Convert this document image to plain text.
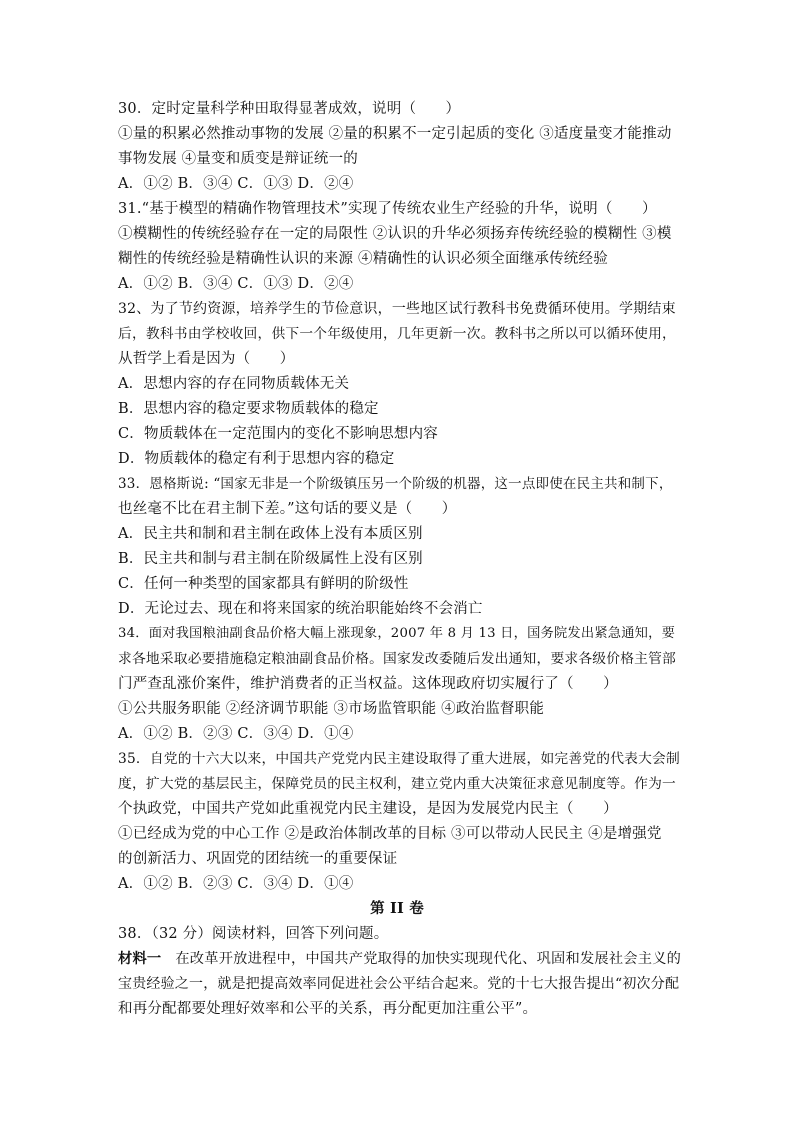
30．定时定量科学种田取得显著成效，说明（　　）
①量的积累必然推动事物的发展 ②量的积累不一定引起质的变化 ③适度量变才能推动
事物发展 ④量变和质变是辩证统一的
A．①② B．③④ C．①③ D．②④
31.“基于模型的精确作物管理技术”实现了传统农业生产经验的升华，说明（　　）
①模糊性的传统经验存在一定的局限性 ②认识的升华必须扬弃传统经验的模糊性 ③模
糊性的传统经验是精确性认识的来源 ④精确性的认识必须全面继承传统经验
A．①② B．③④ C．①③ D．②④
32、为了节约资源，培养学生的节俭意识，一些地区试行教科书免费循环使用。学期结束
后，教科书由学校收回，供下一个年级使用，几年更新一次。教科书之所以可以循环使用，
从哲学上看是因为（　　）
A．思想内容的存在同物质载体无关
B．思想内容的稳定要求物质载体的稳定
C．物质载体在一定范围内的变化不影响思想内容
D．物质载体的稳定有利于思想内容的稳定
33．恩格斯说: “国家无非是一个阶级镇压另一个阶级的机器，这一点即使在民主共和制下，
也丝毫不比在君主制下差。”这句话的要义是（　　）
A．民主共和制和君主制在政体上没有本质区别
B．民主共和制与君主制在阶级属性上没有区别
C．任何一种类型的国家都具有鲜明的阶级性
D．无论过去、现在和将来国家的统治职能始终不会消亡
34．面对我国粮油副食品价格大幅上涨现象，2007 年 8 月 13 日，国务院发出紧急通知，要
求各地采取必要措施稳定粮油副食品价格。国家发改委随后发出通知，要求各级价格主管部
门严查乱涨价案件，维护消费者的正当权益。这体现政府切实履行了（　　）
①公共服务职能 ②经济调节职能 ③市场监管职能 ④政治监督职能
A．①② B．②③ C．③④ D．①④
35．自党的十六大以来，中国共产党党内民主建设取得了重大进展，如完善党的代表大会制
度，扩大党的基层民主，保障党员的民主权利，建立党内重大决策征求意见制度等。作为一
个执政党，中国共产党如此重视党内民主建设，是因为发展党内民主（　　）
①已经成为党的中心工作 ②是政治体制改革的目标 ③可以带动人民民主 ④是增强党
的创新活力、巩固党的团结统一的重要保证
A．①② B．②③ C．③④ D．①④
第 II 卷
38．（32 分）阅读材料，回答下列问题。
材料一 在改革开放进程中，中国共产党取得的加快实现现代化、巩固和发展社会主义的
宝贵经验之一，就是把提高效率同促进社会公平结合起来。党的十七大报告提出“初次分配
和再分配都要处理好效率和公平的关系，再分配更加注重公平”。
